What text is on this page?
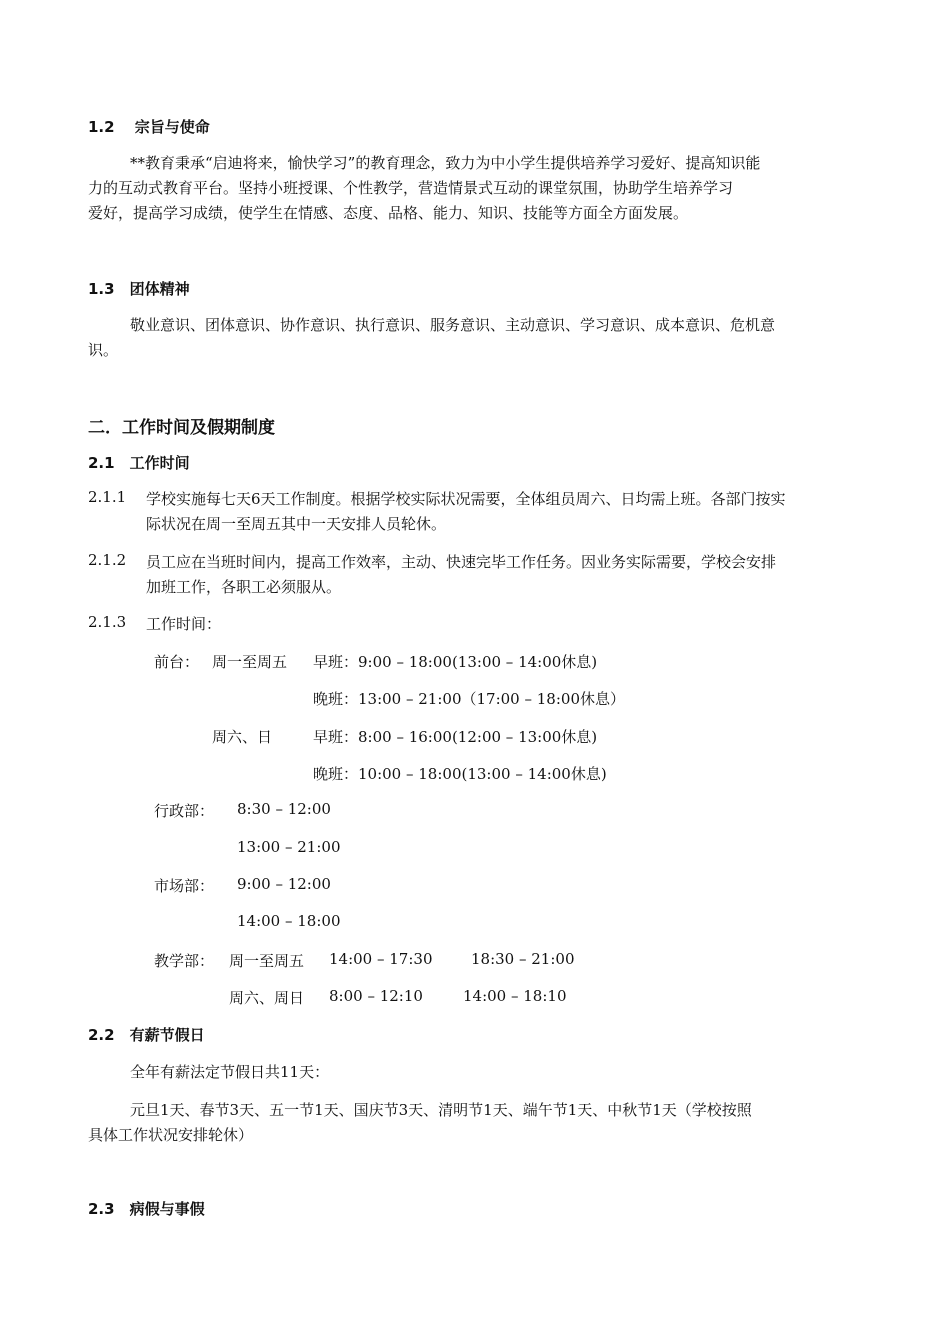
1.2　 宗旨与使命
**教育秉承“启迪将来，愉快学习”的教育理念，致力为中小学生提供培养学习爱好、提高知识能
力的互动式教育平台。坚持小班授课、个性教学，营造情景式互动的课堂氛围，协助学生培养学习
爱好，提高学习成绩，使学生在情感、态度、品格、能力、知识、技能等方面全方面发展。
1.3　团体精神
敬业意识、团体意识、协作意识、执行意识、服务意识、主动意识、学习意识、成本意识、危机意
识。
二．工作时间及假期制度
2.1　工作时间
2.1.1 学校实施每七天6天工作制度。根据学校实际状况需要，全体组员周六、日均需上班。各部门按实
际状况在周一至周五其中一天安排人员轮休。
2.1.2 员工应在当班时间内，提高工作效率，主动、快速完毕工作任务。因业务实际需要，学校会安排
加班工作，各职工必须服从。
2.1.3 工作时间：
前台： 周一至周五 早班：9:00 – 18:00(13:00 – 14:00休息)
晚班：13:00 – 21:00（17:00 – 18:00休息）
周六、日	早班：8:00 – 16:00(12:00 – 13:00休息)
晚班：10:00 – 18:00(13:00 – 14:00休息)
行政部： 8:30 – 12:00
13:00 – 21:00
市场部： 9:00 – 12:00
14:00 – 18:00
教学部： 周一至周五 14:00 – 17:30	18:30 – 21:00
周六、周日 8:00 – 12:10	14:00 – 18:10
2.2　有薪节假日
全年有薪法定节假日共11天：
元旦1天、春节3天、五一节1天、国庆节3天、清明节1天、端午节1天、中秋节1天（学校按照
具体工作状况安排轮休）
2.3　病假与事假
